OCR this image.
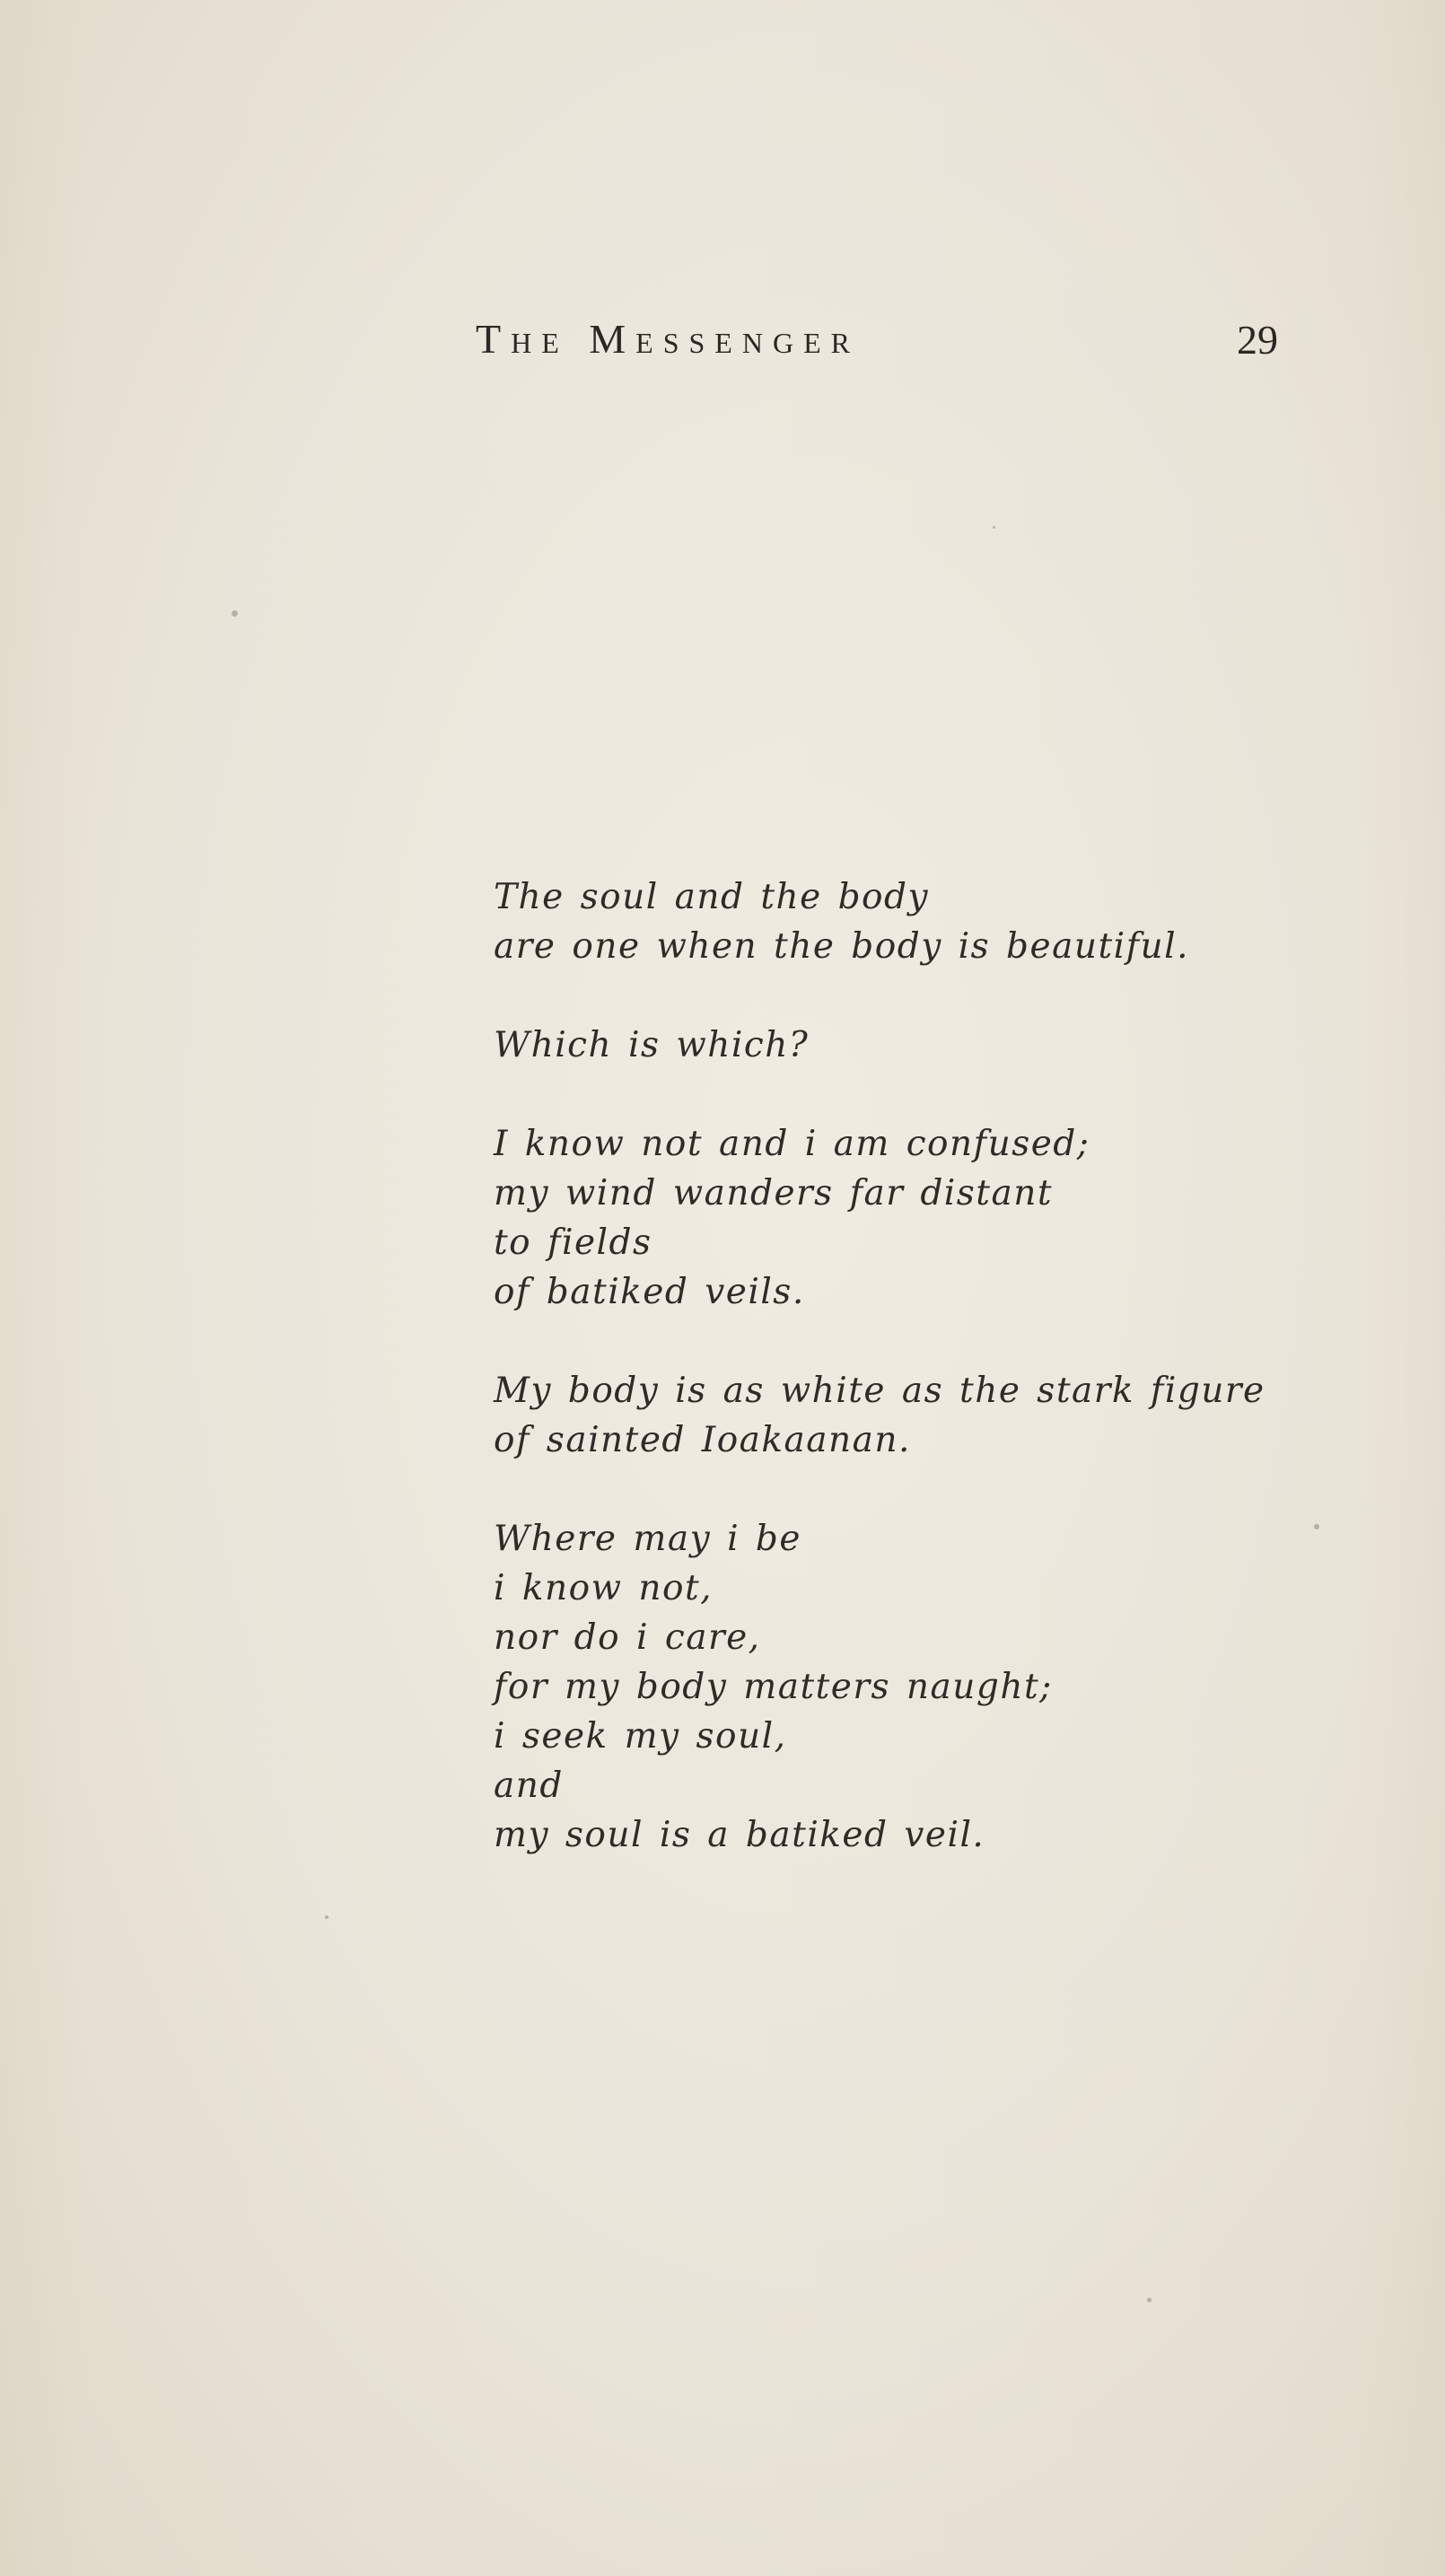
The Messenger	29
The soul and the body
are one when the body is beautiful.
Which is which?
I know not and i am confused;
my wind wanders far distant
to fields
of batiked veils.
My body is as white as the stark figure
of sainted Ioakaanan.
Where may i be
i know not,
nor do i care,
for my body matters naught;
i seek my soul,
and
my soul is a batiked veil.
